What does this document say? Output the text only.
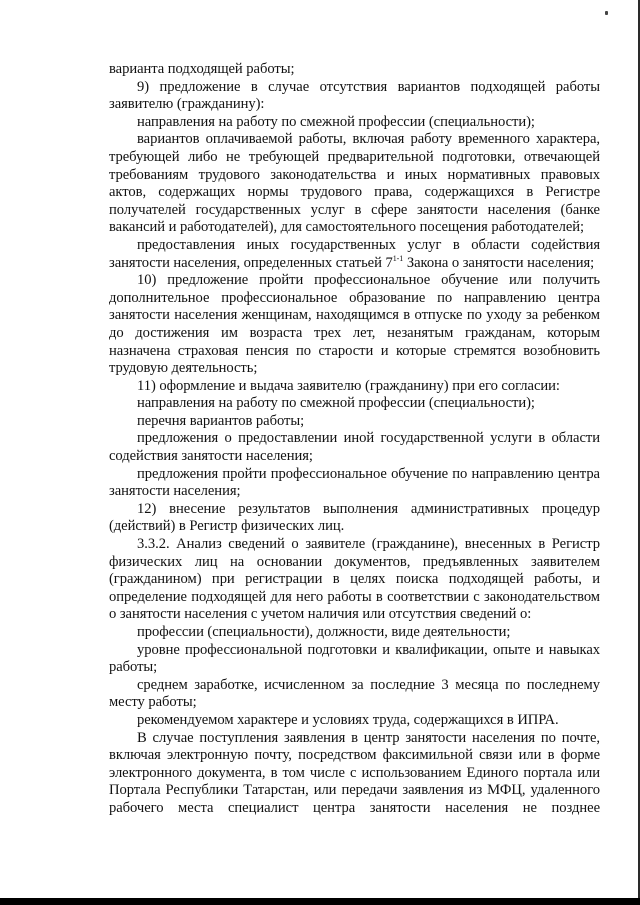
варианта подходящей работы;

9) предложение в случае отсутствия вариантов подходящей работы заявителю (гражданину):

направления на работу по смежной профессии (специальности);

вариантов оплачиваемой работы, включая работу временного характера, требующей либо не требующей предварительной подготовки, отвечающей требованиям трудового законодательства и иных нормативных правовых актов, содержащих нормы трудового права, содержащихся в Регистре получателей государственных услуг в сфере занятости населения (банке вакансий и работодателей), для самостоятельного посещения работодателей;

предоставления иных государственных услуг в области содействия занятости населения, определенных статьей 7$^{1-1}$ Закона о занятости населения;

10) предложение пройти профессиональное обучение или получить дополнительное профессиональное образование по направлению центра занятости населения женщинам, находящимся в отпуске по уходу за ребенком до достижения им возраста трех лет, незанятым гражданам, которым назначена страховая пенсия по старости и которые стремятся возобновить трудовую деятельность;

11) оформление и выдача заявителю (гражданину) при его согласии:

направления на работу по смежной профессии (специальности);

перечня вариантов работы;

предложения о предоставлении иной государственной услуги в области содействия занятости населения;

предложения пройти профессиональное обучение по направлению центра занятости населения;

12) внесение результатов выполнения административных процедур (действий) в Регистр физических лиц.

3.3.2. Анализ сведений о заявителе (гражданине), внесенных в Регистр физических лиц на основании документов, предъявленных заявителем (гражданином) при регистрации в целях поиска подходящей работы, и определение подходящей для него работы в соответствии с законодательством о занятости населения с учетом наличия или отсутствия сведений о:

профессии (специальности), должности, виде деятельности;

уровне профессиональной подготовки и квалификации, опыте и навыках работы;

среднем заработке, исчисленном за последние 3 месяца по последнему месту работы;

рекомендуемом характере и условиях труда, содержащихся в ИПРА.

В случае поступления заявления в центр занятости населения по почте, включая электронную почту, посредством факсимильной связи или в форме электронного документа, в том числе с использованием Единого портала или Портала Республики Татарстан, или передачи заявления из МФЦ, удаленного рабочего места специалист центра занятости населения не позднее
